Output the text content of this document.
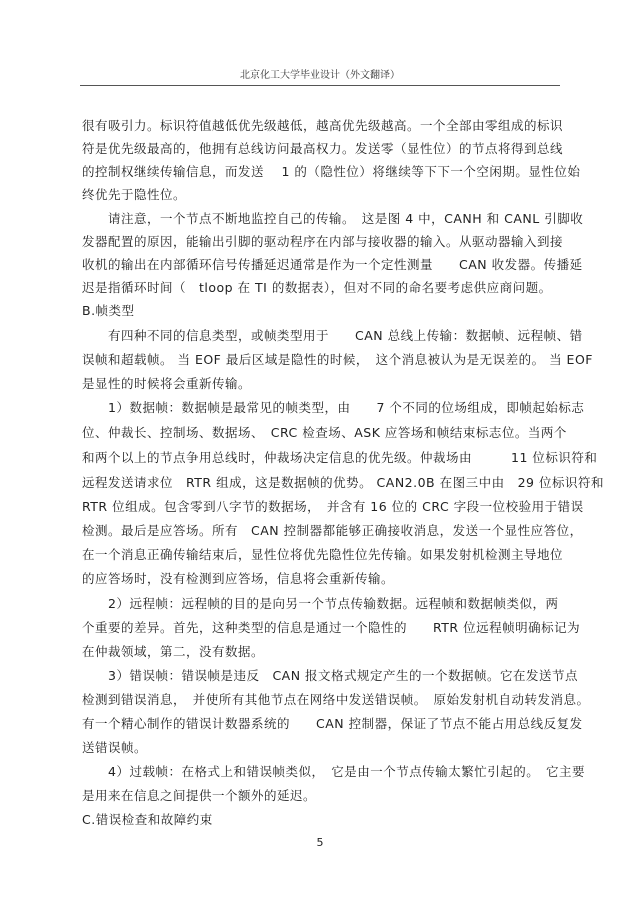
北京化工大学毕业设计（外文翻译）
很有吸引力。标识符值越低优先级越低，越高优先级越高。一个全部由零组成的标识
符是优先级最高的，他拥有总线访问最高权力。发送零（显性位）的节点将得到总线
的控制权继续传输信息，而发送 　1 的（隐性位）将继续等下下一个空闲期。显性位始
终优先于隐性位。
　　请注意，一个节点不断地监控自己的传输。　这是图 4 中，CANH 和 CANL 引脚收
发器配置的原因，能输出引脚的驱动程序在内部与接收器的输入。从驱动器输入到接
收机的输出在内部循环信号传播延迟通常是作为一个定性测量　　CAN 收发器。传播延
迟是指循环时间（　tloop 在 TI 的数据表），但对不同的命名要考虑供应商问题。
B.帧类型
　　有四种不同的信息类型，或帧类型用于　　CAN 总线上传输：数据帧、远程帧、错
误帧和超载帧。 当 EOF 最后区域是隐性的时候，　这个消息被认为是无误差的。 当 EOF
是显性的时候将会重新传输。
　　1）数据帧：数据帧是最常见的帧类型，由　　7 个不同的位场组成，即帧起始标志
位、仲裁长、控制场、数据场、　CRC 检查场、ASK 应答场和帧结束标志位。当两个
和两个以上的节点争用总线时，仲裁场决定信息的优先级。仲裁场由　　　11 位标识符和
远程发送请求位　RTR 组成，这是数据帧的优势。 CAN2.0B 在图三中由　29 位标识符和
RTR 位组成。包含零到八字节的数据场，　并含有 16 位的 CRC 字段一位校验用于错误
检测。最后是应答场。所有　CAN 控制器都能够正确接收消息，发送一个显性应答位，
在一个消息正确传输结束后，显性位将优先隐性位先传输。如果发射机检测主导地位
的应答场时，没有检测到应答场，信息将会重新传输。
　　2）远程帧：远程帧的目的是向另一个节点传输数据。远程帧和数据帧类似，两
个重要的差异。首先，这种类型的信息是通过一个隐性的　　RTR 位远程帧明确标记为
在仲裁领域，第二，没有数据。
　　3）错误帧：错误帧是违反　CAN 报文格式规定产生的一个数据帧。它在发送节点
检测到错误消息，　并使所有其他节点在网络中发送错误帧。　原始发射机自动转发消息。
有一个精心制作的错误计数器系统的　　CAN 控制器，保证了节点不能占用总线反复发
送错误帧。
　　4）过载帧：在格式上和错误帧类似，　它是由一个节点传输太繁忙引起的。　它主要
是用来在信息之间提供一个额外的延迟。
C.错误检查和故障约束
5
